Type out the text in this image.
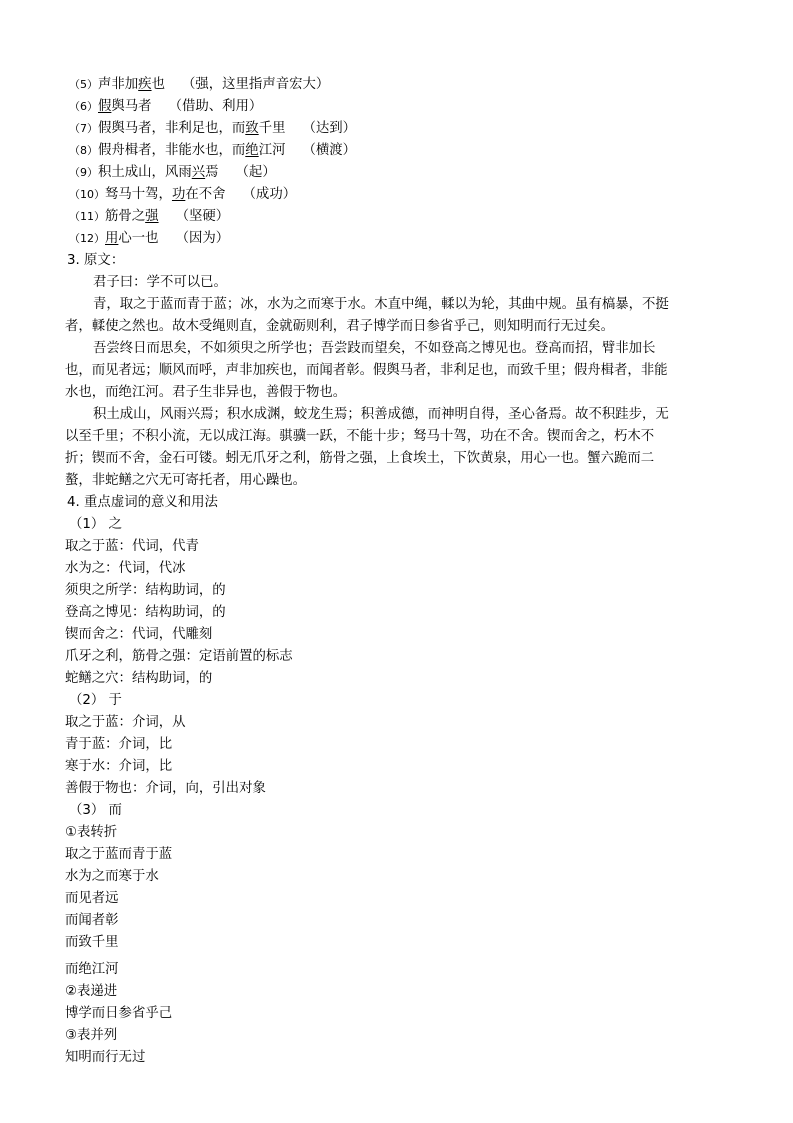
（5）声非加疾也 （强，这里指声音宏大）
（6）假舆马者 （借助、利用）
（7）假舆马者，非利足也，而致千里 （达到）
（8）假舟楫者，非能水也，而绝江河 （横渡）
（9）积土成山，风雨兴焉 （起）
（10）驽马十驾，功在不舍 （成功）
（11）筋骨之强 （坚硬）
（12）用心一也 （因为）
3. 原文：
君子曰：学不可以已。
青，取之于蓝而青于蓝；冰，水为之而寒于水。木直中绳，輮以为轮，其曲中规。虽有槁暴，不挺
者，輮使之然也。故木受绳则直，金就砺则利，君子博学而日参省乎己，则知明而行无过矣。
吾尝终日而思矣，不如须臾之所学也；吾尝跂而望矣，不如登高之博见也。登高而招，臂非加长
也，而见者远；顺风而呼，声非加疾也，而闻者彰。假舆马者，非利足也，而致千里；假舟楫者，非能
水也，而绝江河。君子生非异也，善假于物也。
积土成山，风雨兴焉；积水成渊，蛟龙生焉；积善成德，而神明自得，圣心备焉。故不积跬步，无
以至千里；不积小流，无以成江海。骐骥一跃，不能十步；驽马十驾，功在不舍。锲而舍之，朽木不
折；锲而不舍，金石可镂。蚓无爪牙之利，筋骨之强，上食埃土，下饮黄泉，用心一也。蟹六跪而二
螯，非蛇鳝之穴无可寄托者，用心躁也。
4. 重点虚词的意义和用法
（1） 之
取之于蓝：代词，代青
水为之：代词，代冰
须臾之所学：结构助词，的
登高之博见：结构助词，的
锲而舍之：代词，代雕刻
爪牙之利，筋骨之强：定语前置的标志
蛇鳝之穴：结构助词，的
（2） 于
取之于蓝：介词，从
青于蓝：介词，比
寒于水：介词，比
善假于物也：介词，向，引出对象
（3） 而
①表转折
取之于蓝而青于蓝
水为之而寒于水
而见者远
而闻者彰
而致千里
而绝江河
②表递进
博学而日参省乎己
③表并列
知明而行无过
